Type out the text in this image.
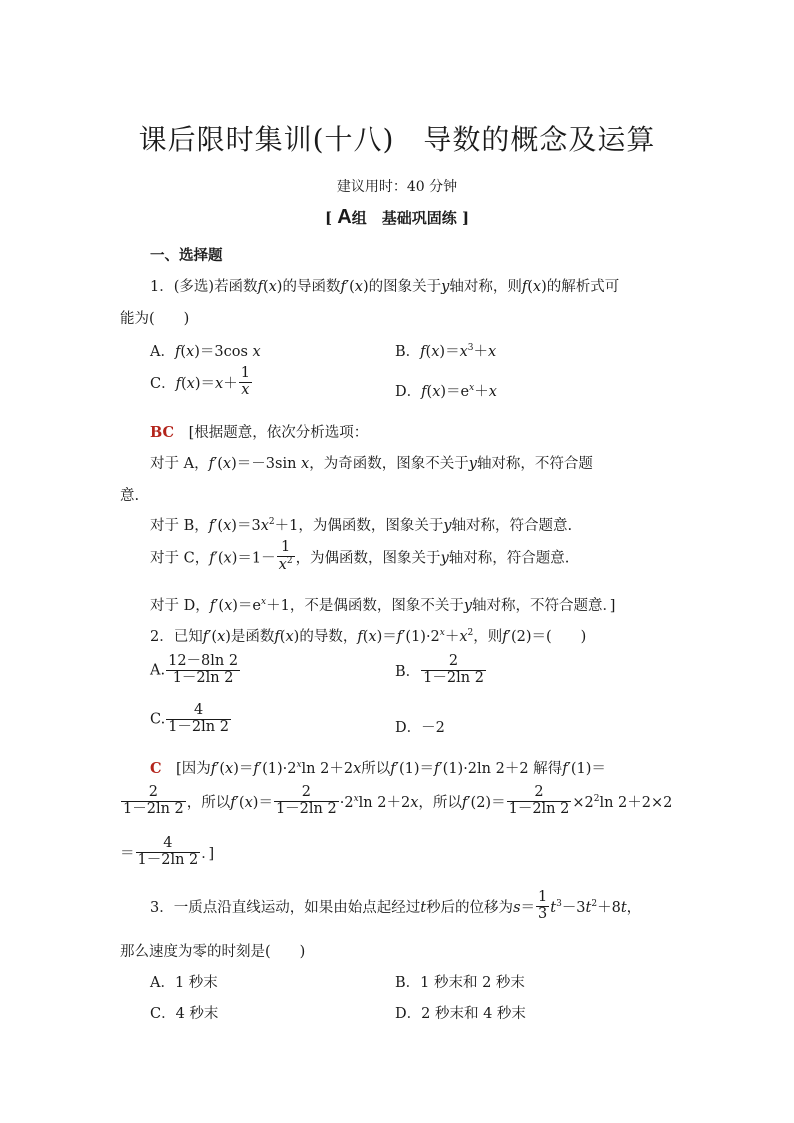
课后限时集训(十八)　导数的概念及运算
建议用时：40 分钟
[ A组　基础巩固练 ]
一、选择题
1．(多选)若函数f(x)的导函数f′(x)的图象关于y轴对称，则f(x)的解析式可
能为(　　)
A．f(x)＝3cos x	B．$f(x)=x^3+x$
C．$f(x)=x+ \frac{1}{x}$	D．$f(x)=e^x+x$
BC　 [根据题意，依次分析选项：
对于 A，f′(x)＝－3sin x，为奇函数，图象不关于y轴对称，不符合题
意.
对于 B，$f'(x)=3x^2+1$，为偶函数，图象关于y轴对称，符合题意.
对于 C，$f'(x)=1- \frac{1}{x^2}$ ，为偶函数，图象关于y轴对称，符合题意.
对于 D，$f'(x)=e^x+1$，不是偶函数，图象不关于y轴对称，不符合题意．]
2．已知f′(x)是函数f(x)的导数，$f(x)=f'(1)\cdot 2^x+x^2$，则f′(2)＝(　　)
A. $\frac{12-8\ln 2}{1-2\ln 2}$	B． $\frac{2}{1-2\ln 2}$
C. $\frac{4}{1-2\ln 2}$	D．－2
C　 [因为$f'(x)=f'(1)\cdot 2^x\ln$ 2＋2x所以f′(1)＝f′(1)·2ln 2＋2 解得f′(1)＝
$\frac{2}{1-2\ln 2}$ ，所以$f'(x)= \frac{2}{1-2\ln 2} \cdot 2^x\ln$ 2＋2x，所以$f'(2)= \frac{2}{1-2\ln 2} \times 2^2\ln$ 2＋2×2
＝ $\frac{4}{1-2\ln 2}$ ．]
3．一质点沿直线运动，如果由始点起经过t秒后的位移为$s= \frac{1}{3} t^3-3t^2+8t$，
那么速度为零的时刻是(　　)
A．1 秒末	B．1 秒末和 2 秒末
C．4 秒末	D．2 秒末和 4 秒末
